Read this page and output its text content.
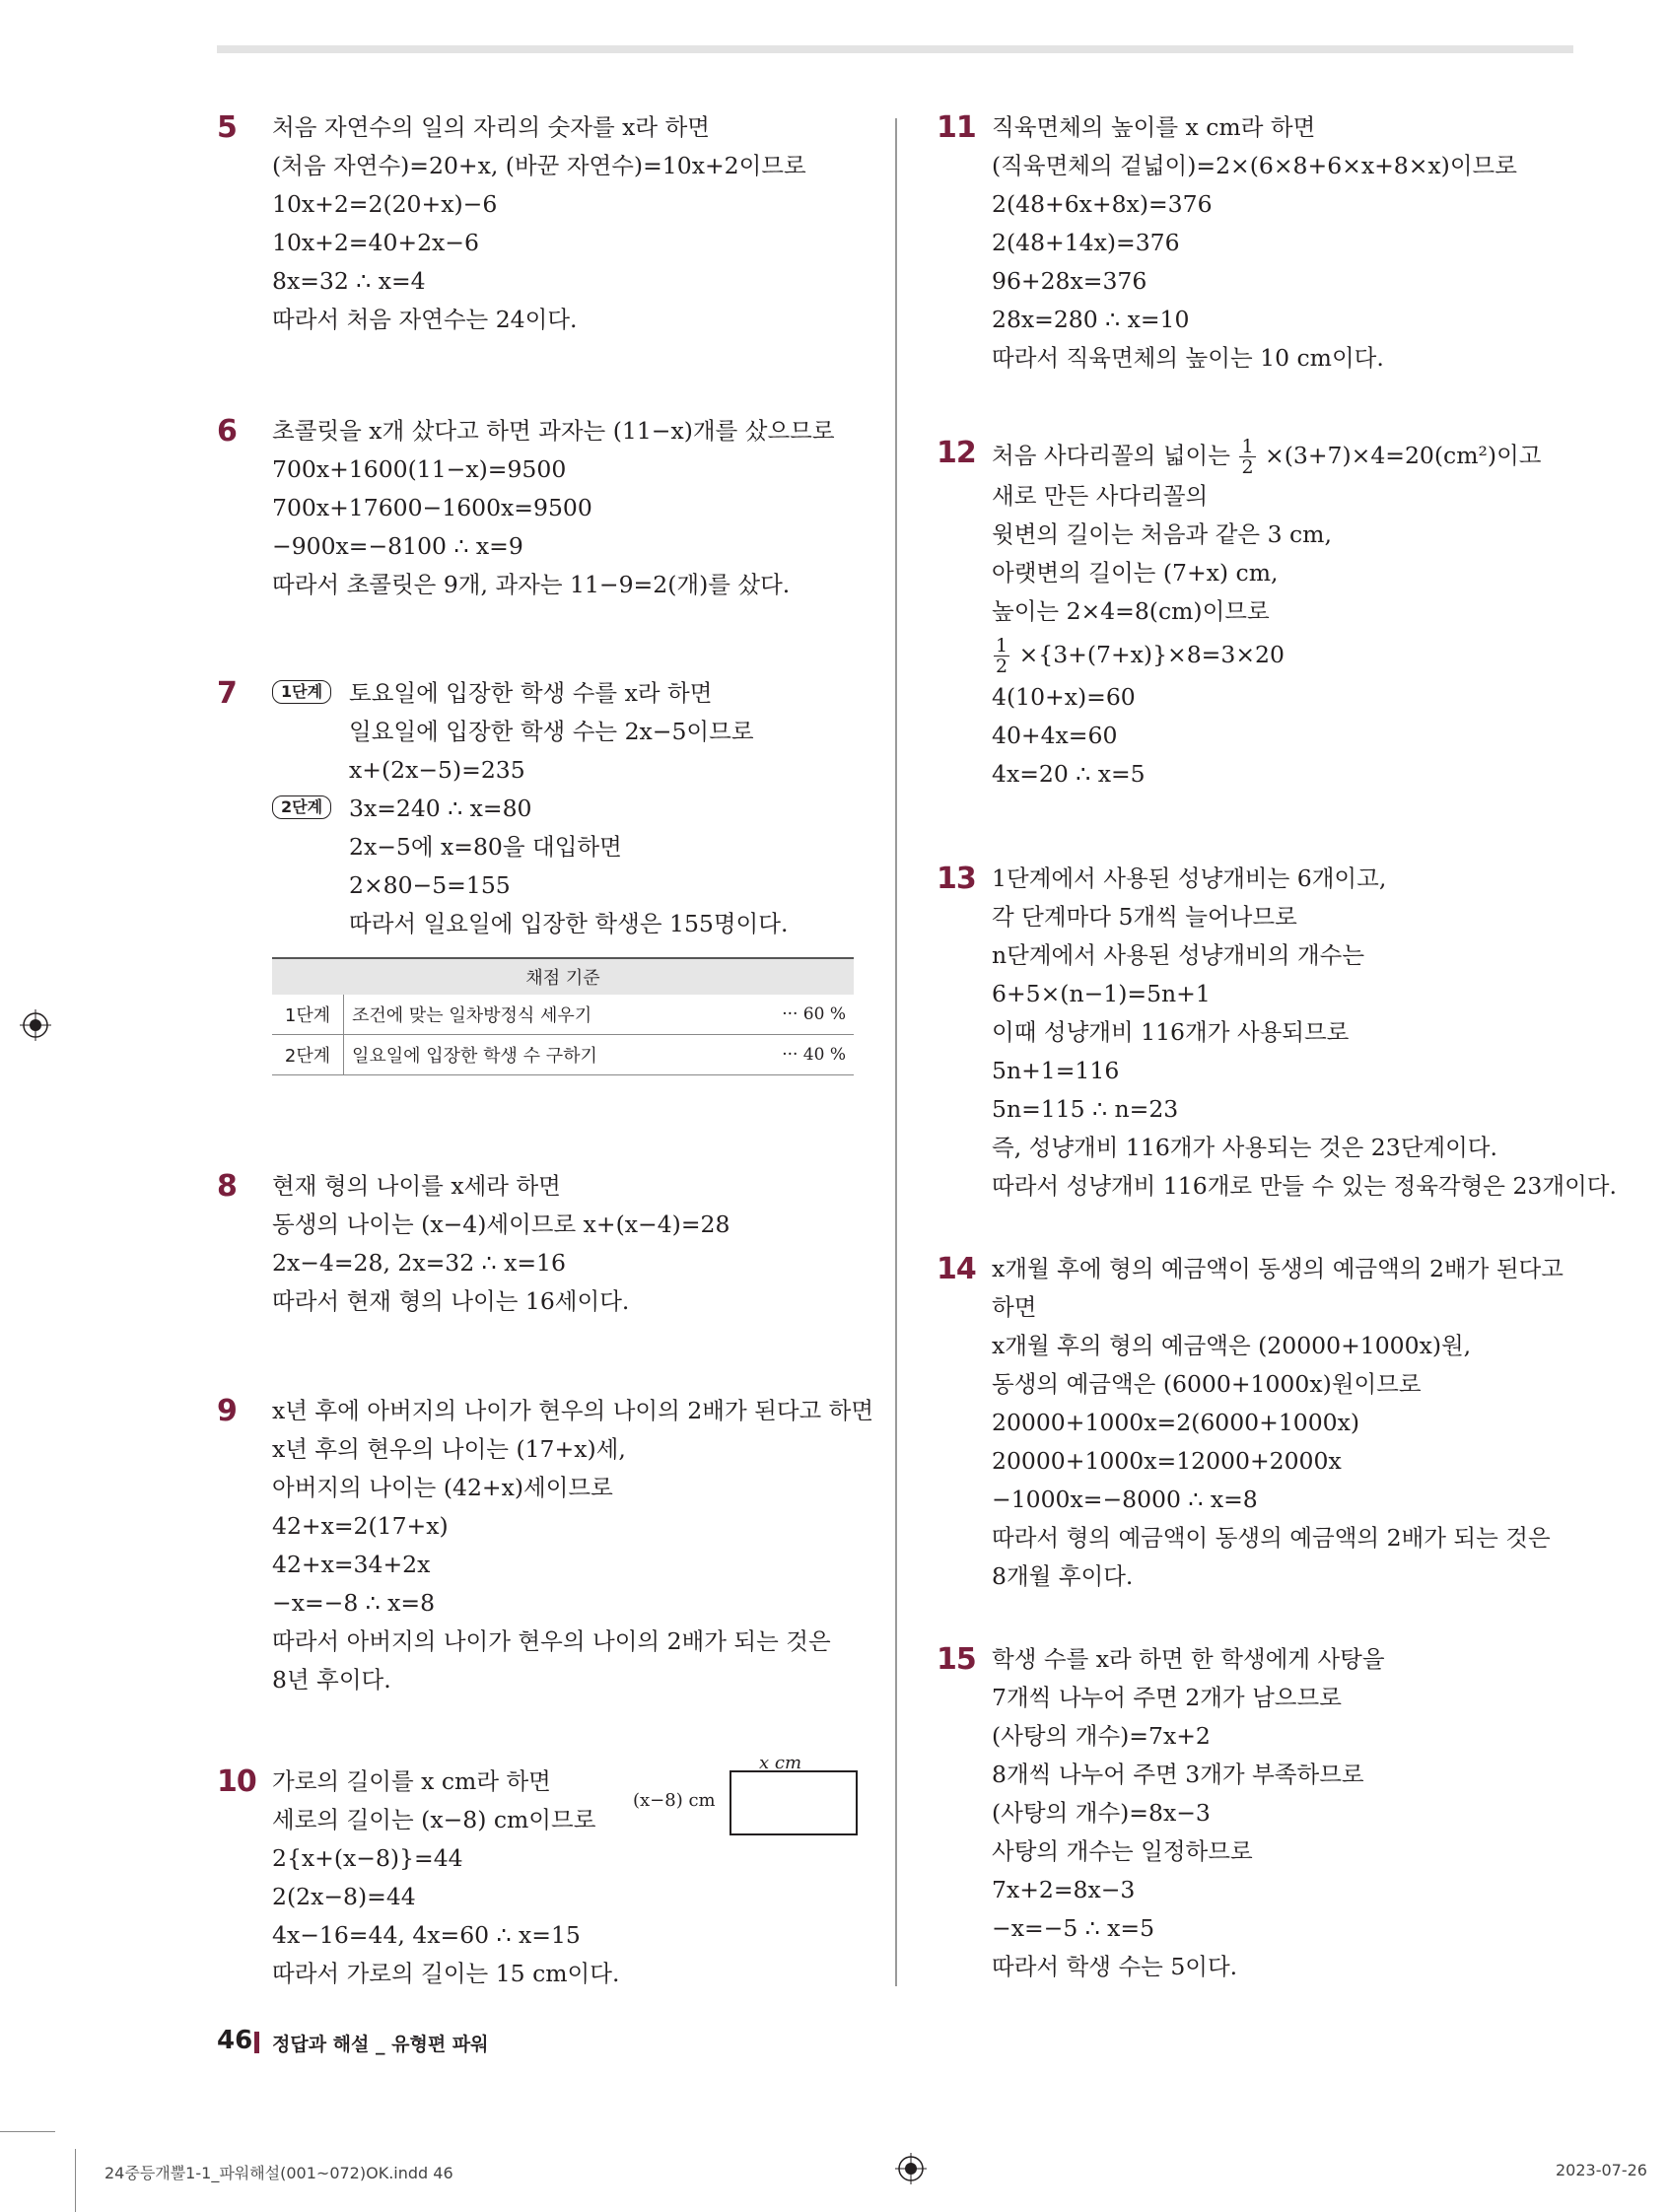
5 처음 자연수의 일의 자리의 숫자를 x라 하면
(처음 자연수)=20+x, (바꾼 자연수)=10x+2이므로
10x+2=2(20+x)−6
10x+2=40+2x−6
8x=32 ∴ x=4
따라서 처음 자연수는 24이다.
6 초콜릿을 x개 샀다고 하면 과자는 (11−x)개를 샀으므로
700x+1600(11−x)=9500
700x+17600−1600x=9500
−900x=−8100 ∴ x=9
따라서 초콜릿은 9개, 과자는 11−9=2(개)를 샀다.
7	1단계	토요일에 입장한 학생 수를 x라 하면
일요일에 입장한 학생 수는 2x−5이므로
x+(2x−5)=235
2단계	3x=240 ∴ x=80
2x−5에 x=80을 대입하면
2×80−5=155
따라서 일요일에 입장한 학생은 155명이다.
채점 기준		
1단계	조건에 맞는 일차방정식 세우기	··· 60 %
2단계	일요일에 입장한 학생 수 구하기	··· 40 %
8 현재 형의 나이를 x세라 하면
동생의 나이는 (x−4)세이므로 x+(x−4)=28
2x−4=28, 2x=32 ∴ x=16
따라서 현재 형의 나이는 16세이다.
9 x년 후에 아버지의 나이가 현우의 나이의 2배가 된다고 하면
x년 후의 현우의 나이는 (17+x)세,
아버지의 나이는 (42+x)세이므로
42+x=2(17+x)
42+x=34+2x
−x=−8 ∴ x=8
따라서 아버지의 나이가 현우의 나이의 2배가 되는 것은
8년 후이다.
10 가로의 길이를 x cm라 하면
세로의 길이는 (x−8) cm이므로
2{x+(x−8)}=44
2(2x−8)=44
4x−16=44, 4x=60 ∴ x=15
따라서 가로의 길이는 15 cm이다.
x cm
(x−8) cm
11 직육면체의 높이를 x cm라 하면
(직육면체의 겉넓이)=2×(6×8+6×x+8×x)이므로
2(48+6x+8x)=376
2(48+14x)=376
96+28x=376
28x=280 ∴ x=10
따라서 직육면체의 높이는 10 cm이다.
12 처음 사다리꼴의 넓이는 $\frac{1}{2} \times(3+7)\times 4=20(cm^2)$이고
새로 만든 사다리꼴의
윗변의 길이는 처음과 같은 3 cm,
아랫변의 길이는 (7+x) cm,
높이는 2×4=8(cm)이므로
$\frac{1}{2} \times\{3+(7+x)\}\times 8=3\times 20$
4(10+x)=60
40+4x=60
4x=20 ∴ x=5
13 1단계에서 사용된 성냥개비는 6개이고,
각 단계마다 5개씩 늘어나므로
n단계에서 사용된 성냥개비의 개수는
6+5×(n−1)=5n+1
이때 성냥개비 116개가 사용되므로
5n+1=116
5n=115 ∴ n=23
즉, 성냥개비 116개가 사용되는 것은 23단계이다.
따라서 성냥개비 116개로 만들 수 있는 정육각형은 23개이다.
14 x개월 후에 형의 예금액이 동생의 예금액의 2배가 된다고
하면
x개월 후의 형의 예금액은 (20000+1000x)원,
동생의 예금액은 (6000+1000x)원이므로
20000+1000x=2(6000+1000x)
20000+1000x=12000+2000x
−1000x=−8000 ∴ x=8
따라서 형의 예금액이 동생의 예금액의 2배가 되는 것은
8개월 후이다.
15 학생 수를 x라 하면 한 학생에게 사탕을
7개씩 나누어 주면 2개가 남으므로
(사탕의 개수)=7x+2
8개씩 나누어 주면 3개가 부족하므로
(사탕의 개수)=8x−3
사탕의 개수는 일정하므로
7x+2=8x−3
−x=−5 ∴ x=5
따라서 학생 수는 5이다.
46 정답과 해설 _ 유형편 파워
24중등개뿔1-1_파워해설(001~072)OK.indd 46	2023-07-26
